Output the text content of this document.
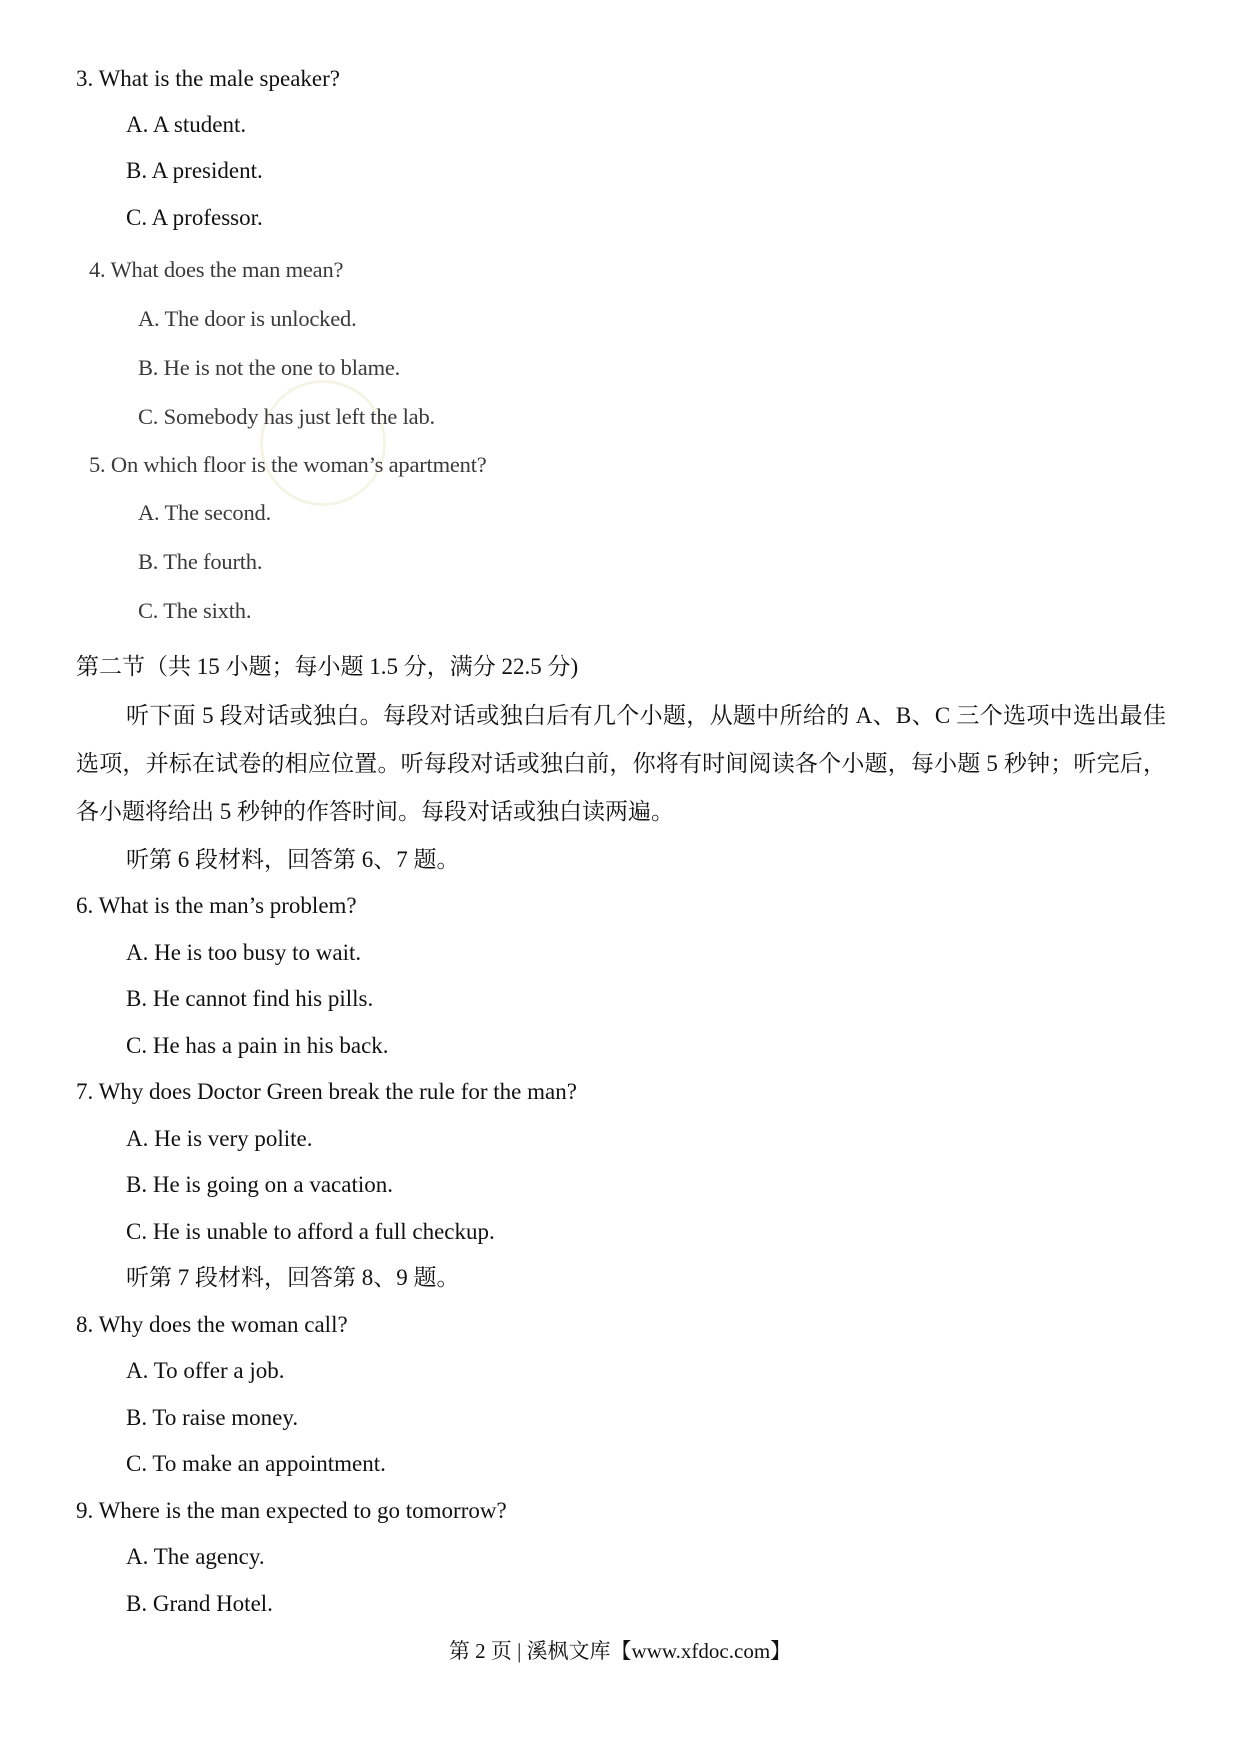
3. What is the male speaker?
A. A student.
B. A president.
C. A professor.
4. What does the man mean?
A. The door is unlocked.
B. He is not the one to blame.
C. Somebody has just left the lab.
5. On which floor is the woman’s apartment?
A. The second.
B. The fourth.
C. The sixth.
第二节（共 15 小题；每小题 1.5 分，满分 22.5 分)
听下面 5 段对话或独白。每段对话或独白后有几个小题，从题中所给的 A、B、C 三个选项中选出最佳选项，并标在试卷的相应位置。听每段对话或独白前，你将有时间阅读各个小题，每小题 5 秒钟；听完后，各小题将给出 5 秒钟的作答时间。每段对话或独白读两遍。
听第 6 段材料，回答第 6、7 题。
6. What is the man’s problem?
A. He is too busy to wait.
B. He cannot find his pills.
C. He has a pain in his back.
7. Why does Doctor Green break the rule for the man?
A. He is very polite.
B. He is going on a vacation.
C. He is unable to afford a full checkup.
听第 7 段材料，回答第 8、9 题。
8. Why does the woman call?
A. To offer a job.
B. To raise money.
C. To make an appointment.
9. Where is the man expected to go tomorrow?
A. The agency.
B. Grand Hotel.
第 2 页 | 溪枫文库【www.xfdoc.com】
